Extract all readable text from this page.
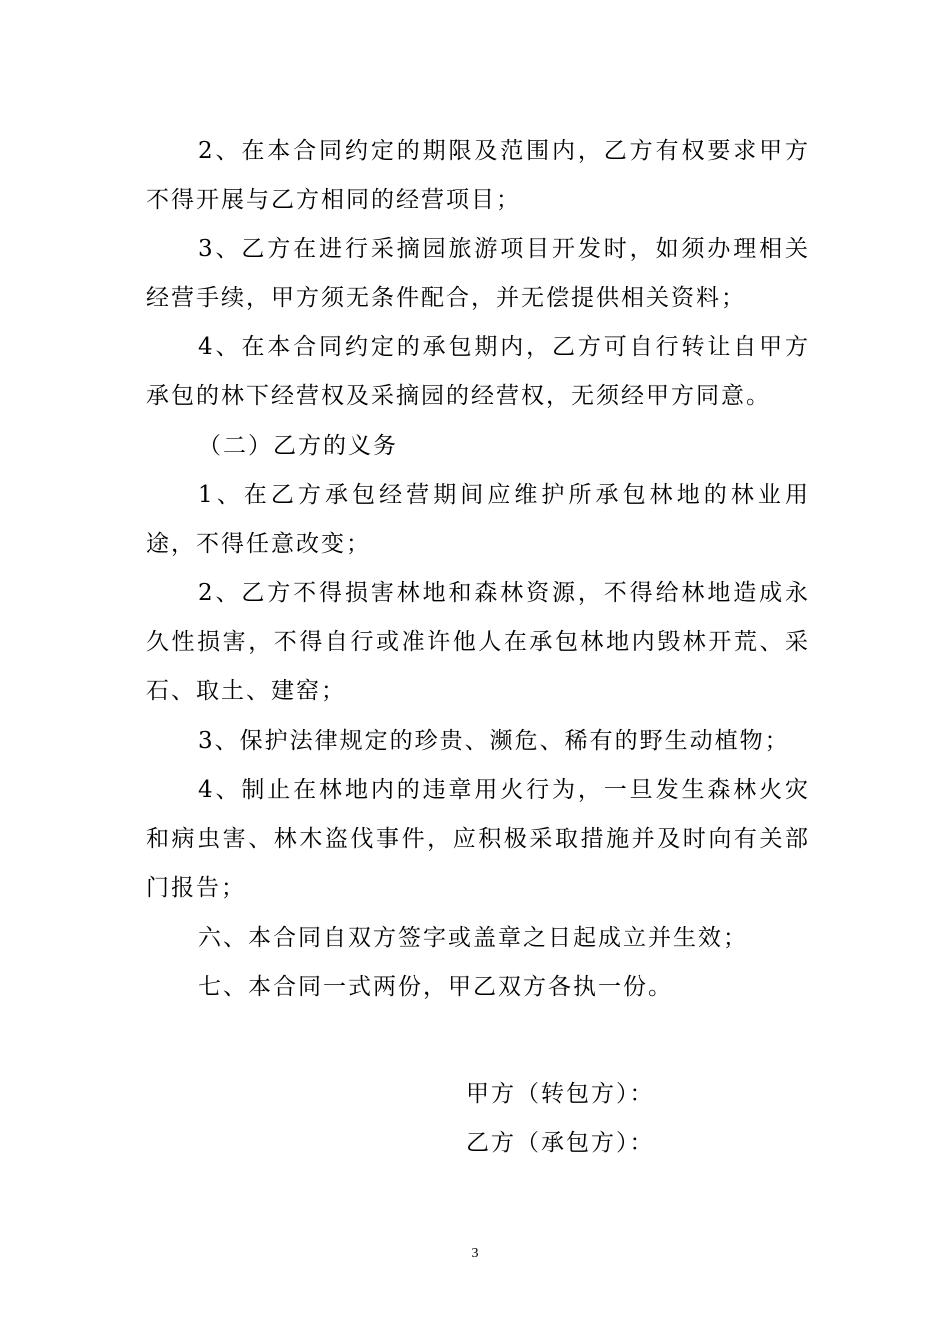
2、在本合同约定的期限及范围内，乙方有权要求甲方不得开展与乙方相同的经营项目；
3、乙方在进行采摘园旅游项目开发时，如须办理相关经营手续，甲方须无条件配合，并无偿提供相关资料；
4、在本合同约定的承包期内，乙方可自行转让自甲方承包的林下经营权及采摘园的经营权，无须经甲方同意。
（二）乙方的义务
1、在乙方承包经营期间应维护所承包林地的林业用途，不得任意改变；
2、乙方不得损害林地和森林资源，不得给林地造成永久性损害，不得自行或准许他人在承包林地内毁林开荒、采石、取土、建窑；
3、保护法律规定的珍贵、濒危、稀有的野生动植物；
4、制止在林地内的违章用火行为，一旦发生森林火灾和病虫害、林木盗伐事件，应积极采取措施并及时向有关部门报告；
六、本合同自双方签字或盖章之日起成立并生效；
七、本合同一式两份，甲乙双方各执一份。
甲方（转包方）：
乙方（承包方）：
3
